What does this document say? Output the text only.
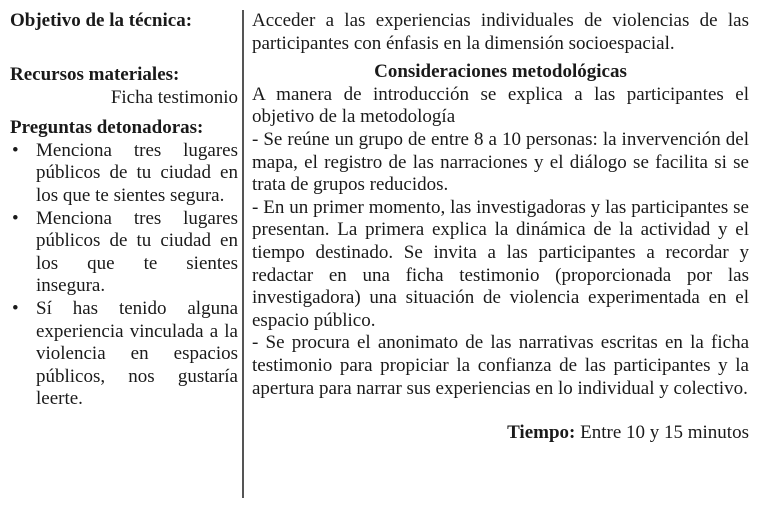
Objetivo de la técnica:
Recursos materiales:
Ficha testimonio
Preguntas detonadoras:
• Menciona tres lugares públicos de tu ciudad en los que te sientes segura.
• Menciona tres lugares públicos de tu ciudad en los que te sientes insegura.
• Sí has tenido alguna experiencia vinculada a la violencia en espacios públicos, nos gustaría leerte.
Acceder a las experiencias individuales de violencias de las participantes con énfasis en la dimensión socioespacial.
Consideraciones metodológicas
A manera de introducción se explica a las participantes el objetivo de la metodología
- Se reúne un grupo de entre 8 a 10 personas: la invervención del mapa, el registro de las narraciones y el diálogo se facilita si se trata de grupos reducidos.
- En un primer momento, las investigadoras y las participantes se presentan. La primera explica la dinámica de la actividad y el tiempo destinado. Se invita a las participantes a recordar y redactar en una ficha testimonio (proporcionada por las investigadora) una situación de violencia experimentada en el espacio público.
- Se procura el anonimato de las narrativas escritas en la ficha testimonio para propiciar la confianza de las participantes y la apertura para narrar sus experiencias en lo individual y colectivo.
Tiempo: Entre 10 y 15 minutos
